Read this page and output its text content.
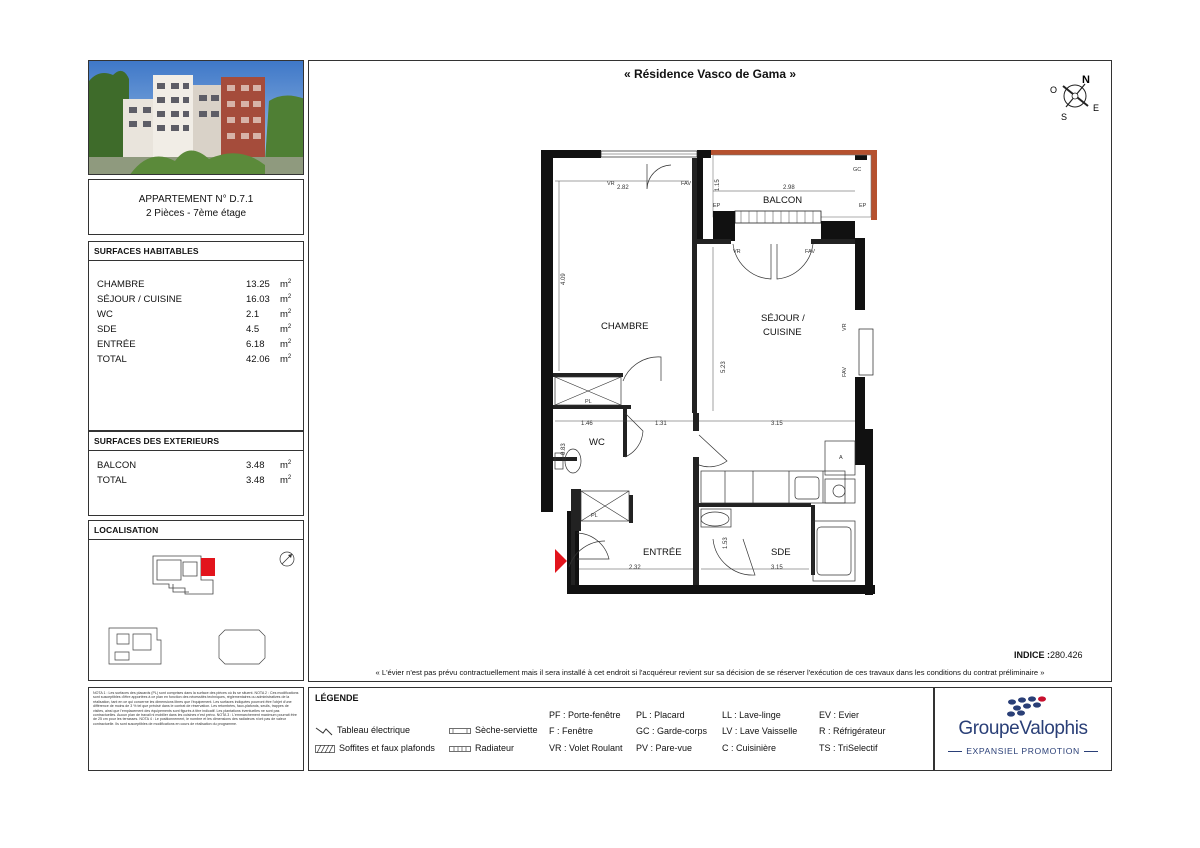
APPARTEMENT N° D.7.1
2 Pièces - 7ème étage
SURFACES HABITABLES
CHAMBRE	13.25 $m^2$
SÉJOUR / CUISINE	16.03 $m^2$
WC	2.1 $m^2$
SDE	4.5 $m^2$
ENTRÉE	6.18 $m^2$
TOTAL	42.06 $m^2$
SURFACES DES EXTERIEURS
BALCON	3.48 $m^2$
TOTAL	3.48 $m^2$
LOCALISATION
NOTA 1 : Les surfaces des placards (PL) sont comprises dans la surface des pièces où ils se situent. NOTA 2 : Ces modifications sont susceptibles d'être apportées à ce plan en fonction des nécessités techniques, réglementaires ou administratives de la réalisation, tant en ce qui concerne les dimensions libres que l'équipement. Les surfaces indiquées pourront être l'objet d'une différence de moins de 3 % tel que précisé dans le contrat de réservation. Les retombées, faux-plafonds, seuils, trappes de visites, ainsi que l'emplacement des équipements sont figurés à titre indicatif. Les plantations éventuelles ne sont pas contractuelles. Aucun plan de travail ni mobilier dans les cuisines n'est prévu. NOTA 3 : L'emmarchement maximum pourrait être de 25 cm pour les terrasses. NOTA 4 : Le positionnement, le nombre et les dimensions des radiateurs n'ont pas de valeur contractuelle. Ils sont susceptibles de modifications en cours de réalisation du programme.
« Résidence Vasco de Gama »	N
E
S
O
VR	FAV
VR	FAV
VR
FAV
PL
PL
EP	EP
GC
A
2.82	1.15	2.98
4.09
5.23
1.46	1.31	3.15
0.83
1.53
2.32	3.15
CHAMBRE
SÉJOUR /
CUISINE
BALCON
WC
ENTRÉE	SDE
INDICE :280.426
« L'évier n'est pas prévu contractuellement mais il sera installé à cet endroit si l'acquéreur revient sur sa décision de se réserver l'exécution de ces travaux dans les conditions du contrat préliminaire »
LÉGENDE
Tableau électrique
Soffites et faux plafonds
Sèche-serviette
Radiateur
PF : Porte-fenêtre
F : Fenêtre
VR : Volet Roulant
PL : Placard
GC : Garde-corps
PV : Pare-vue
LL : Lave-linge
LV : Lave Vaisselle
C : Cuisinière
EV : Evier
R : Réfrigérateur
TS : TriSelectif
GroupeValophis
EXPANSIEL PROMOTION
